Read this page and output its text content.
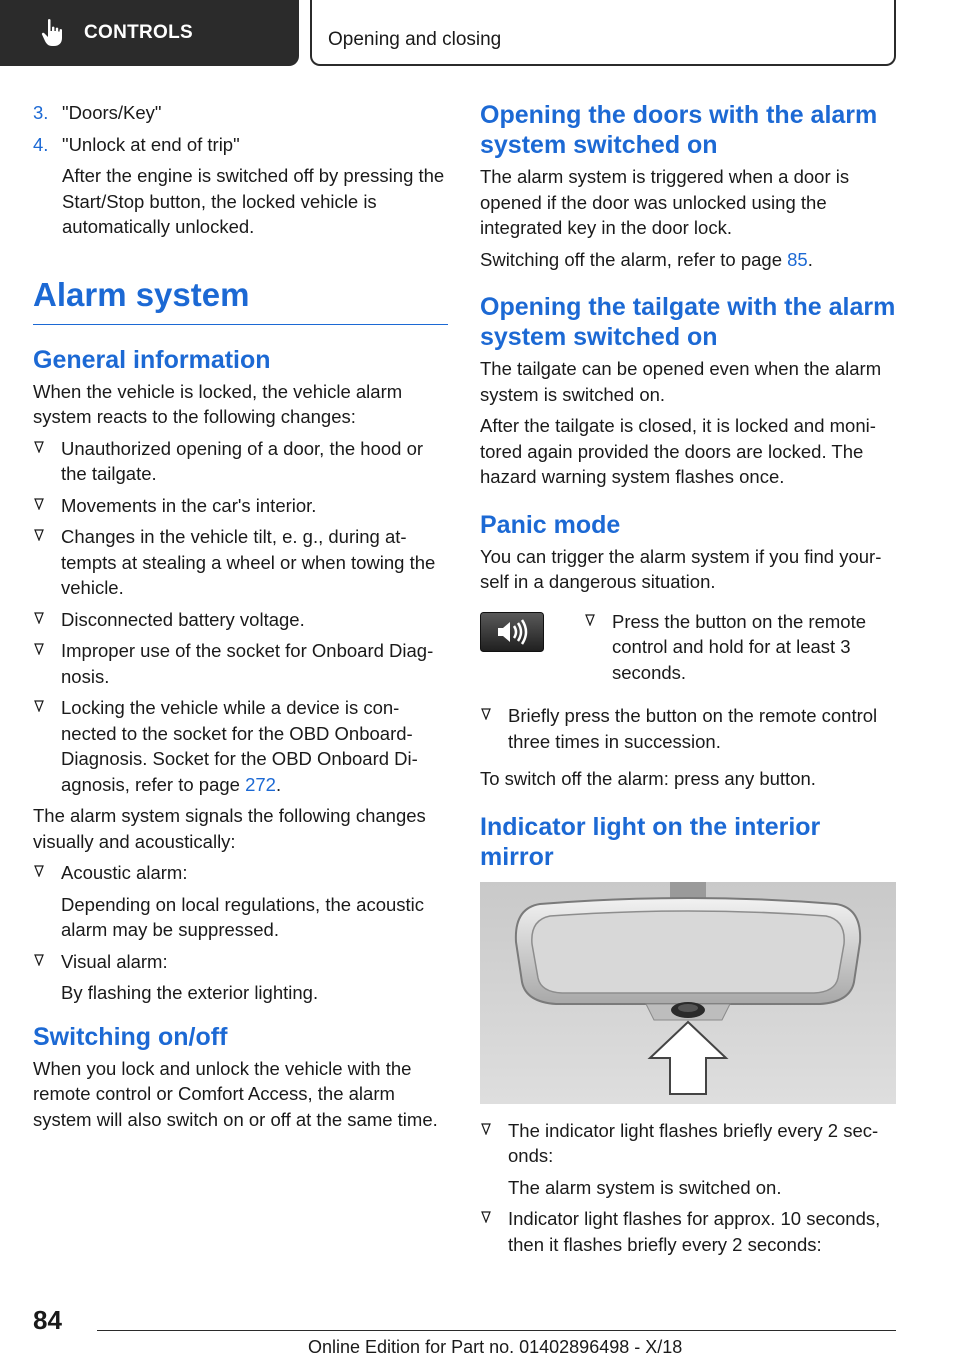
CONTROLS	Opening and closing
3. "Doors/Key"
4. "Unlock at end of trip"

After the engine is switched off by pressing the Start/Stop button, the locked vehicle is automatically unlocked.

Alarm system
General information

When the vehicle is locked, the vehicle alarm system reacts to the following changes:

Unauthorized opening of a door, the hood or the tailgate.
Movements in the car's interior.
Changes in the vehicle tilt, e. g., during attempts at stealing a wheel or when towing the vehicle.
Disconnected battery voltage.
Improper use of the socket for Onboard Diagnosis.
Locking the vehicle while a device is connected to the socket for the OBD Onboard-Diagnosis. Socket for the OBD Onboard Diagnosis, refer to page 272.

The alarm system signals the following changes visually and acoustically:

Acoustic alarm:
Depending on local regulations, the acoustic alarm may be suppressed.
Visual alarm:
By flashing the exterior lighting.
Switching on/off

When you lock and unlock the vehicle with the remote control or Comfort Access, the alarm system will also switch on or off at the same time.

Opening the doors with the alarm system switched on

The alarm system is triggered when a door is opened if the door was unlocked using the integrated key in the door lock.

Switching off the alarm, refer to page 85.

Opening the tailgate with the alarm system switched on

The tailgate can be opened even when the alarm system is switched on.

After the tailgate is closed, it is locked and monitored again provided the doors are locked. The hazard warning system flashes once.

Panic mode

You can trigger the alarm system if you find yourself in a dangerous situation.

Press the button on the remote control and hold for at least 3 seconds.
Briefly press the button on the remote control three times in succession.

To switch off the alarm: press any button.

Indicator light on the interior mirror
The indicator light flashes briefly every 2 seconds:
The alarm system is switched on.
Indicator light flashes for approx. 10 seconds, then it flashes briefly every 2 seconds:
84
Online Edition for Part no. 01402896498 - X/18
